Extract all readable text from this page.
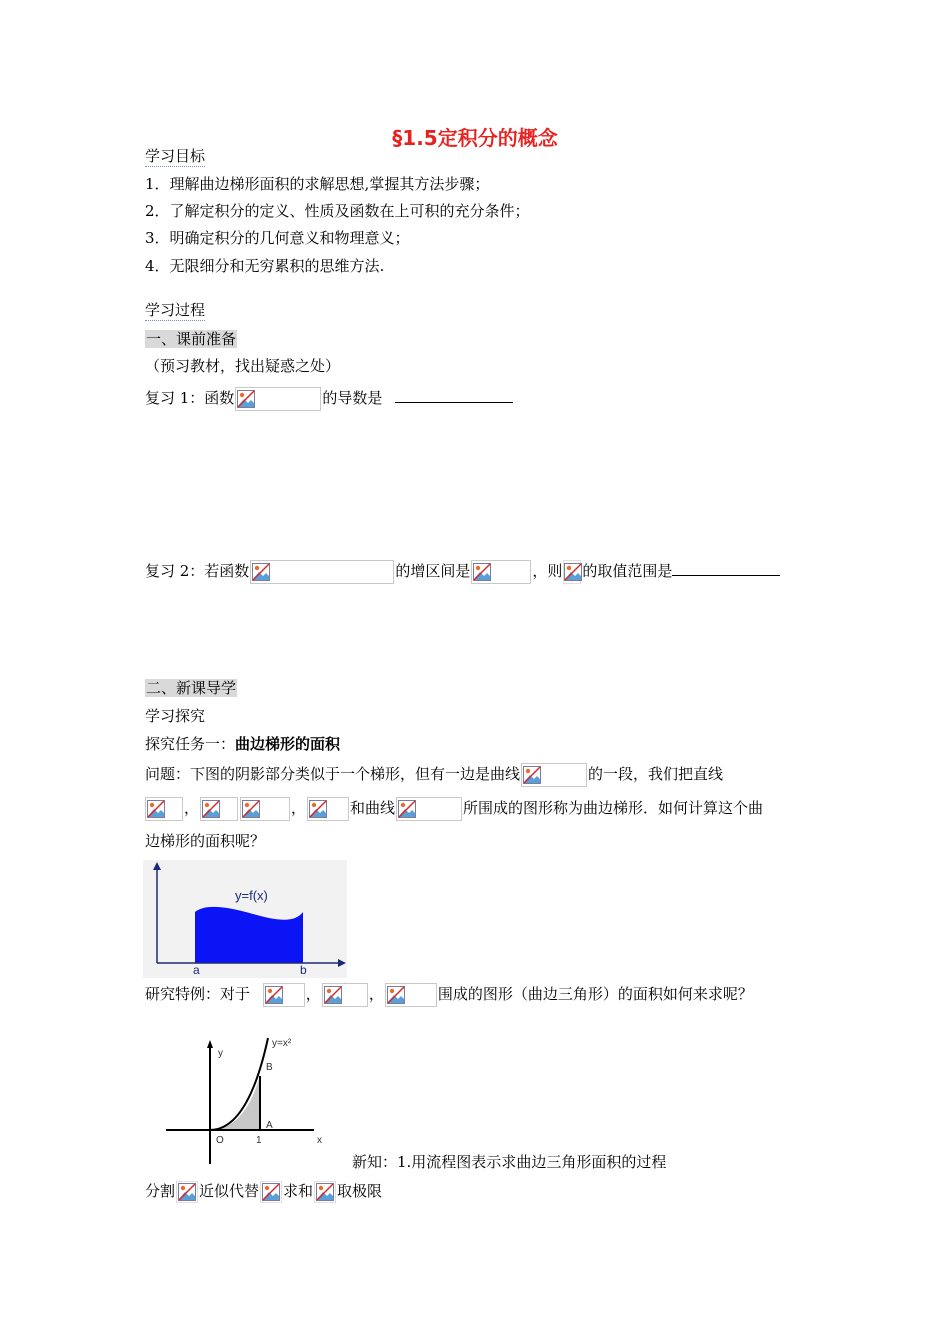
§1.5定积分的概念
学习目标
1．理解曲边梯形面积的求解思想,掌握其方法步骤；
2．了解定积分的定义、性质及函数在上可积的充分条件；
3．明确定积分的几何意义和物理意义；
4．无限细分和无穷累积的思维方法.
学习过程
一、课前准备
（预习教材，找出疑惑之处）
复习 1：函数	的导数是
复习 2：若函数	的增区间是	，则 的取值范围是
二、新课导学
学习探究
探究任务一：曲边梯形的面积
问题：下图的阴影部分类似于一个梯形，但有一边是曲线	的一段，我们把直线
，	，	和曲线	所围成的图形称为曲边梯形．如何计算这个曲
边梯形的面积呢？
y=f(x)
a	b
研究特例：对于	，	，	围成的图形（曲边三角形）的面积如何来求呢？
y
y=x²
B
A
O	1	x
新知：1.用流程图表示求曲边三角形面积的过程
分割 近似代替 求和 取极限
